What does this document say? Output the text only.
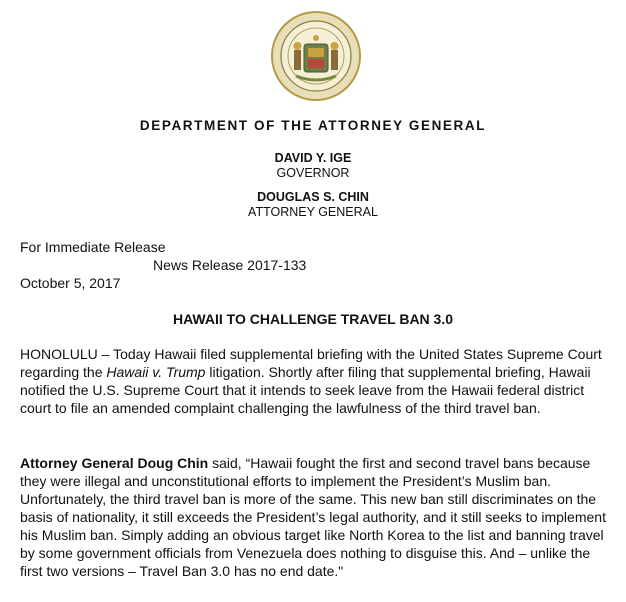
DEPARTMENT OF THE ATTORNEY GENERAL
DAVID Y. IGE
GOVERNOR
DOUGLAS S. CHIN
ATTORNEY GENERAL
For Immediate Release
News Release 2017-133
October 5, 2017
HAWAII TO CHALLENGE TRAVEL BAN 3.0

HONOLULU – Today Hawaii filed supplemental briefing with the United States Supreme Court regarding the Hawaii v. Trump litigation. Shortly after filing that supplemental briefing, Hawaii notified the U.S. Supreme Court that it intends to seek leave from the Hawaii federal district court to file an amended complaint challenging the lawfulness of the third travel ban.

Attorney General Doug Chin said, “Hawaii fought the first and second travel bans because they were illegal and unconstitutional efforts to implement the President’s Muslim ban. Unfortunately, the third travel ban is more of the same. This new ban still discriminates on the basis of nationality, it still exceeds the President’s legal authority, and it still seeks to implement his Muslim ban. Simply adding an obvious target like North Korea to the list and banning travel by some government officials from Venezuela does nothing to disguise this. And – unlike the first two versions – Travel Ban 3.0 has no end date."
